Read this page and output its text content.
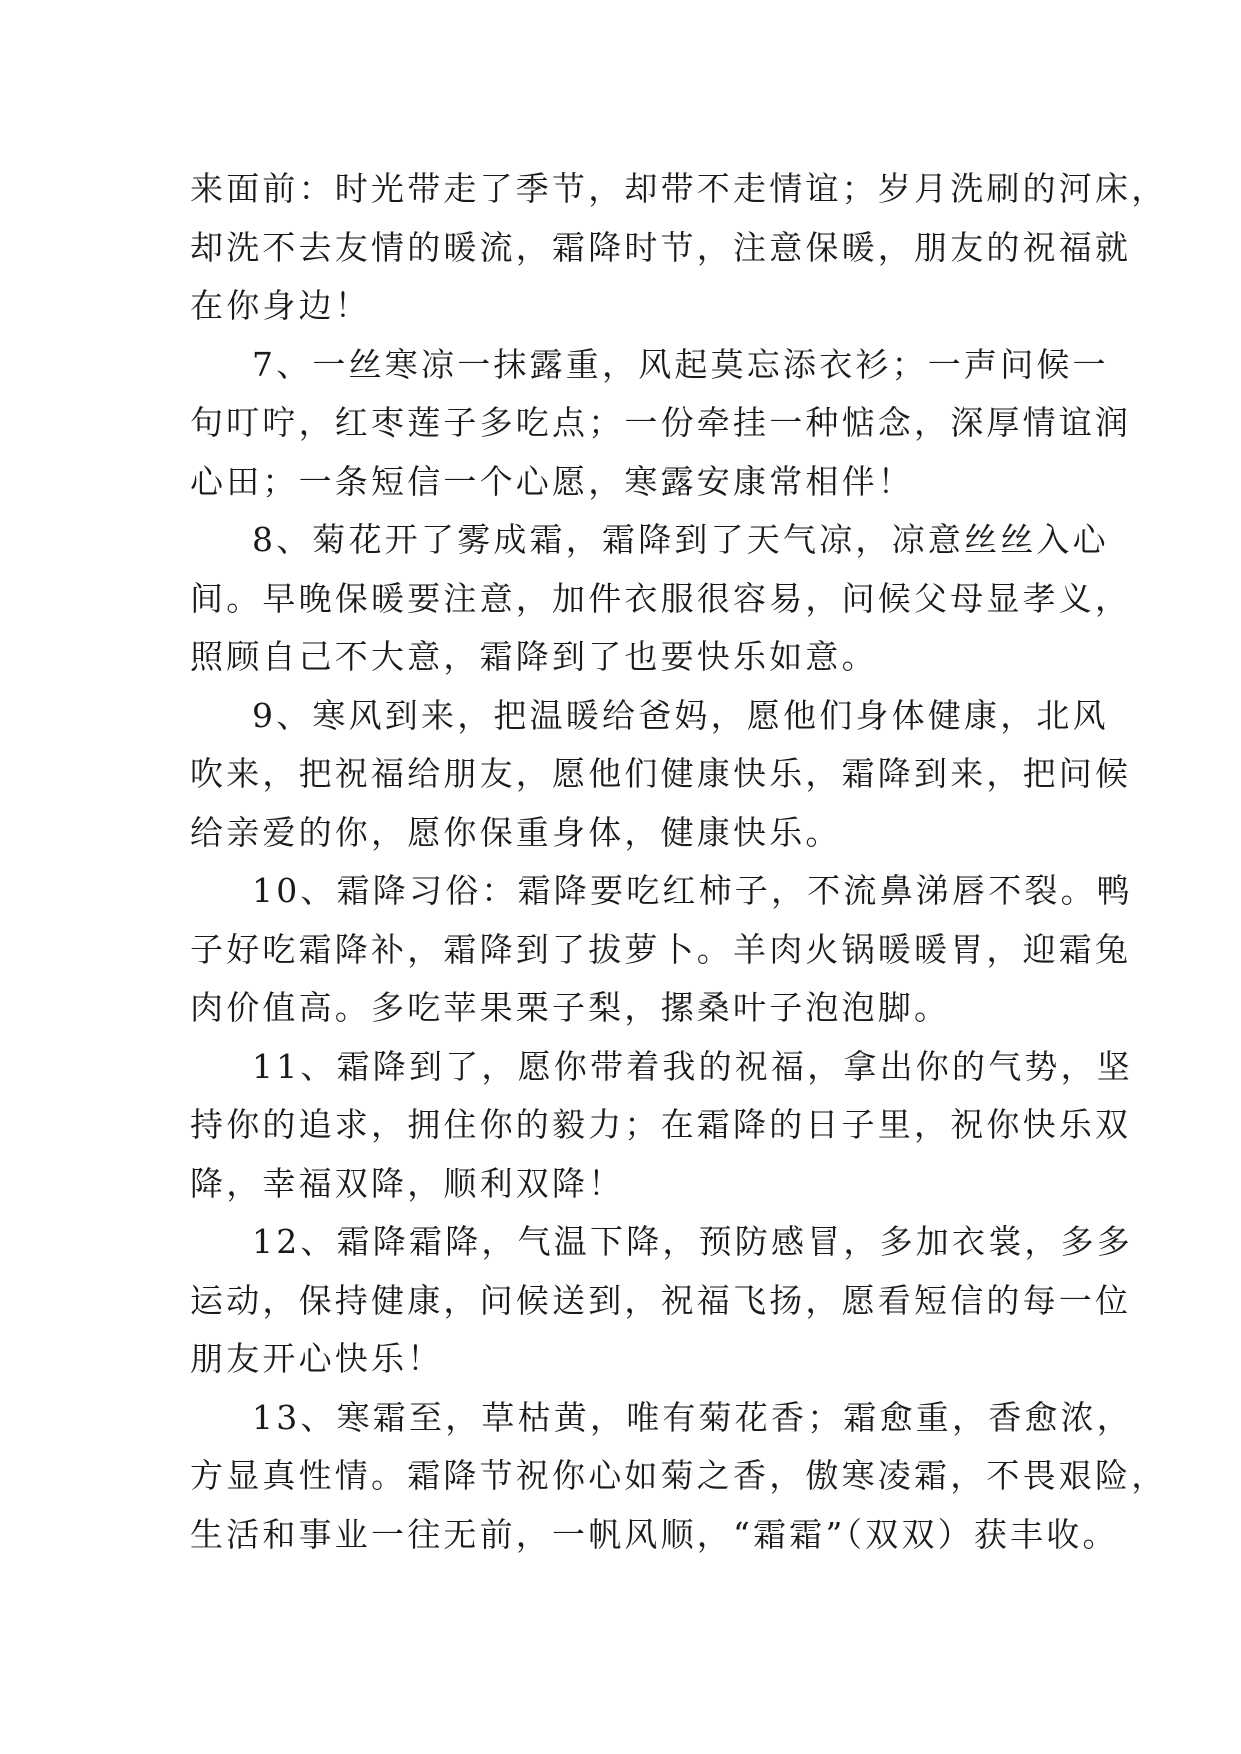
来面前：时光带走了季节，却带不走情谊；岁月洗刷的河床，
却洗不去友情的暖流，霜降时节，注意保暖，朋友的祝福就
在你身边！
7、一丝寒凉一抹露重，风起莫忘添衣衫；一声问候一
句叮咛，红枣莲子多吃点；一份牵挂一种惦念，深厚情谊润
心田；一条短信一个心愿，寒露安康常相伴！
8、菊花开了雾成霜，霜降到了天气凉，凉意丝丝入心
间。早晚保暖要注意，加件衣服很容易，问候父母显孝义，
照顾自己不大意，霜降到了也要快乐如意。
9、寒风到来，把温暖给爸妈，愿他们身体健康，北风
吹来，把祝福给朋友，愿他们健康快乐，霜降到来，把问候
给亲爱的你，愿你保重身体，健康快乐。
10、霜降习俗：霜降要吃红柿子，不流鼻涕唇不裂。鸭
子好吃霜降补，霜降到了拔萝卜。羊肉火锅暖暖胃，迎霜兔
肉价值高。多吃苹果栗子梨，摞桑叶子泡泡脚。
11、霜降到了，愿你带着我的祝福，拿出你的气势，坚
持你的追求，拥住你的毅力；在霜降的日子里，祝你快乐双
降，幸福双降，顺利双降！
12、霜降霜降，气温下降，预防感冒，多加衣裳，多多
运动，保持健康，问候送到，祝福飞扬，愿看短信的每一位
朋友开心快乐！
13、寒霜至，草枯黄，唯有菊花香；霜愈重，香愈浓，
方显真性情。霜降节祝你心如菊之香，傲寒凌霜，不畏艰险，
生活和事业一往无前，一帆风顺，“霜霜”（双双）获丰收。
